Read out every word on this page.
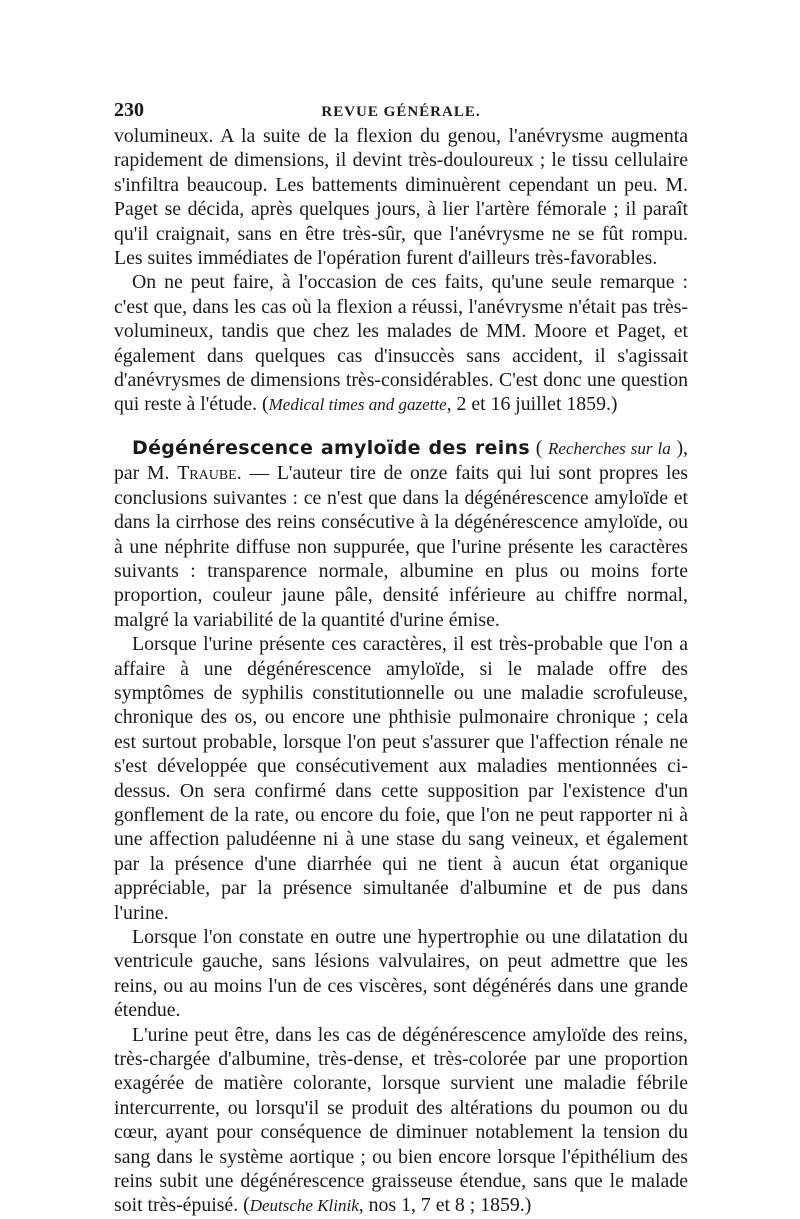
230	REVUE GÉNÉRALE.

volumineux. A la suite de la flexion du genou, l'anévrysme augmenta rapidement de dimensions, il devint très-douloureux ; le tissu cellulaire s'infiltra beaucoup. Les battements diminuèrent cependant un peu. M. Paget se décida, après quelques jours, à lier l'artère fémorale ; il paraît qu'il craignait, sans en être très-sûr, que l'anévrysme ne se fût rompu. Les suites immédiates de l'opération furent d'ailleurs très-favorables.

On ne peut faire, à l'occasion de ces faits, qu'une seule remarque : c'est que, dans les cas où la flexion a réussi, l'anévrysme n'était pas très-volumineux, tandis que chez les malades de MM. Moore et Paget, et également dans quelques cas d'insuccès sans accident, il s'agissait d'anévrysmes de dimensions très-considérables. C'est donc une question qui reste à l'étude. (Medical times and gazette, 2 et 16 juillet 1859.)

Dégénérescence amyloïde des reins ( Recherches sur la ), par M. Traube. — L'auteur tire de onze faits qui lui sont propres les conclusions suivantes : ce n'est que dans la dégénérescence amyloïde et dans la cirrhose des reins consécutive à la dégénérescence amyloïde, ou à une néphrite diffuse non suppurée, que l'urine présente les caractères suivants : transparence normale, albumine en plus ou moins forte proportion, couleur jaune pâle, densité inférieure au chiffre normal, malgré la variabilité de la quantité d'urine émise.

Lorsque l'urine présente ces caractères, il est très-probable que l'on a affaire à une dégénérescence amyloïde, si le malade offre des symptômes de syphilis constitutionnelle ou une maladie scrofuleuse, chronique des os, ou encore une phthisie pulmonaire chronique ; cela est surtout probable, lorsque l'on peut s'assurer que l'affection rénale ne s'est développée que consécutivement aux maladies mentionnées ci-dessus. On sera confirmé dans cette supposition par l'existence d'un gonflement de la rate, ou encore du foie, que l'on ne peut rapporter ni à une affection paludéenne ni à une stase du sang veineux, et également par la présence d'une diarrhée qui ne tient à aucun état organique appréciable, par la présence simultanée d'albumine et de pus dans l'urine.

Lorsque l'on constate en outre une hypertrophie ou une dilatation du ventricule gauche, sans lésions valvulaires, on peut admettre que les reins, ou au moins l'un de ces viscères, sont dégénérés dans une grande étendue.

L'urine peut être, dans les cas de dégénérescence amyloïde des reins, très-chargée d'albumine, très-dense, et très-colorée par une proportion exagérée de matière colorante, lorsque survient une maladie fébrile intercurrente, ou lorsqu'il se produit des altérations du poumon ou du cœur, ayant pour conséquence de diminuer notablement la tension du sang dans le système aortique ; ou bien encore lorsque l'épithélium des reins subit une dégénérescence graisseuse étendue, sans que le malade soit très-épuisé. (Deutsche Klinik, nos 1, 7 et 8 ; 1859.)
